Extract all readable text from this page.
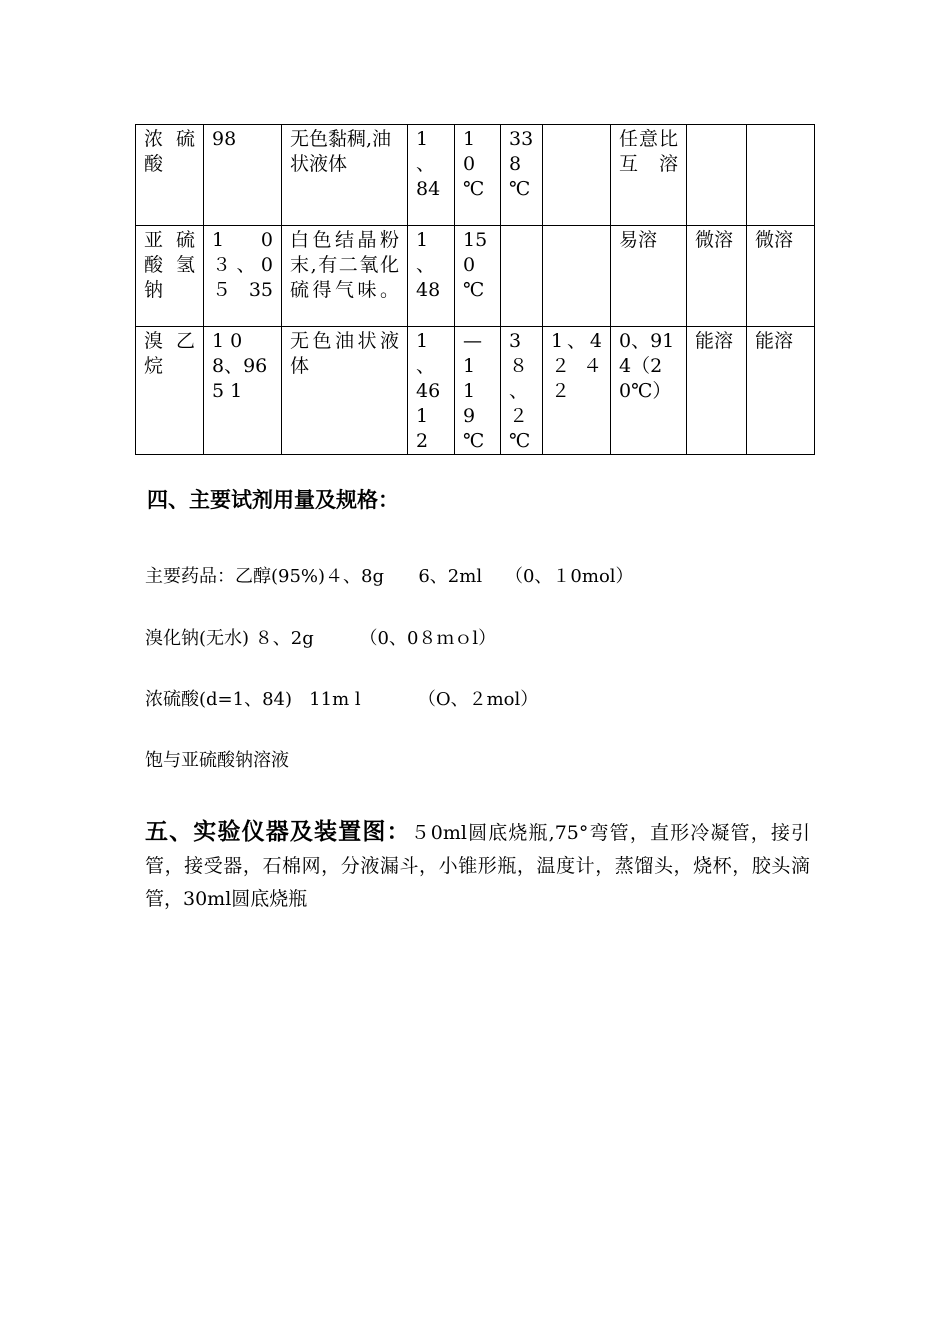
浓硫酸	98	无色黏稠,油状液体	1、84	10℃	338℃		任意比互溶		
亚硫酸氢钠	1 0３、0５35	白色结晶粉末,有二氧化硫得气味。	1、48	150℃			易溶	微溶	微溶
溴乙烷	1 08、965 1	无色油状液体	1、46 1 2	—1 1 9℃	3８、２℃	1、4２４２	0、914（20℃）	能溶	能溶
四、主要试剂用量及规格：

主要药品：乙醇(95%)４、8g      6、2ml    （0、１0mol）

溴化钠(无水) ８、2g        （0、0８ｍｏl）

浓硫酸(d=1、84)   11m l          （O、２mol）

饱与亚硫酸钠溶液

五、实验仪器及装置图：５0ml圆底烧瓶,75°弯管，直形冷凝管，接引管，接受器，石棉网，分液漏斗，小锥形瓶，温度计，蒸馏头，烧杯，胶头滴管，30ml圆底烧瓶
